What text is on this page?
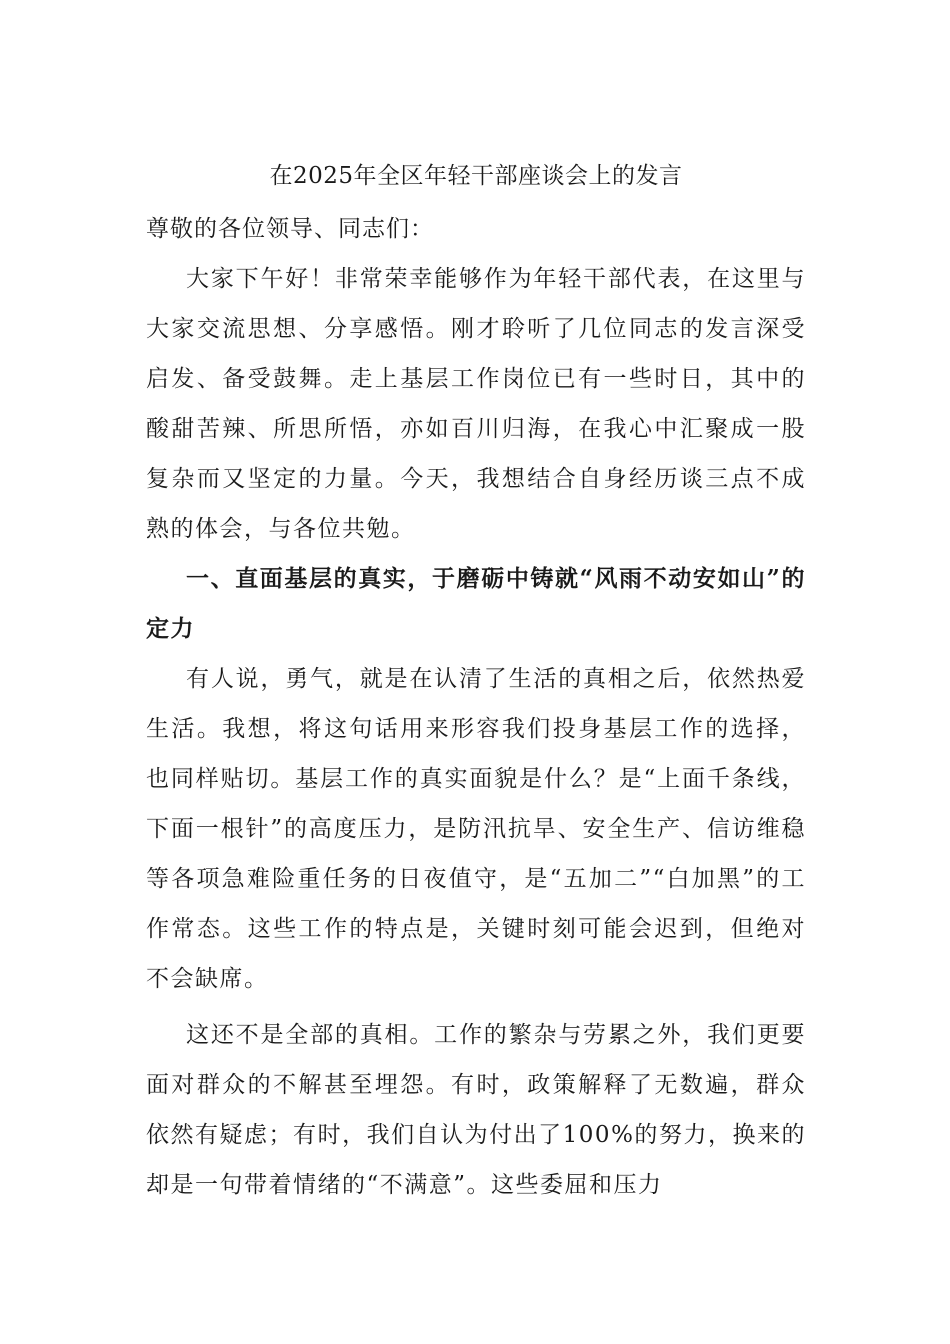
在2025年全区年轻干部座谈会上的发言

尊敬的各位领导、同志们：

大家下午好！非常荣幸能够作为年轻干部代表，在这里与大家交流思想、分享感悟。刚才聆听了几位同志的发言深受启发、备受鼓舞。走上基层工作岗位已有一些时日，其中的酸甜苦辣、所思所悟，亦如百川归海，在我心中汇聚成一股复杂而又坚定的力量。今天，我想结合自身经历谈三点不成熟的体会，与各位共勉。

一、直面基层的真实，于磨砺中铸就“风雨不动安如山”的定力

有人说，勇气，就是在认清了生活的真相之后，依然热爱生活。我想，将这句话用来形容我们投身基层工作的选择，也同样贴切。基层工作的真实面貌是什么？是“上面千条线，下面一根针”的高度压力，是防汛抗旱、安全生产、信访维稳等各项急难险重任务的日夜值守，是“五加二”“白加黑”的工作常态。这些工作的特点是，关键时刻可能会迟到，但绝对不会缺席。

这还不是全部的真相。工作的繁杂与劳累之外，我们更要面对群众的不解甚至埋怨。有时，政策解释了无数遍，群众依然有疑虑；有时，我们自认为付出了100%的努力，换来的却是一句带着情绪的“不满意”。这些委屈和压力
